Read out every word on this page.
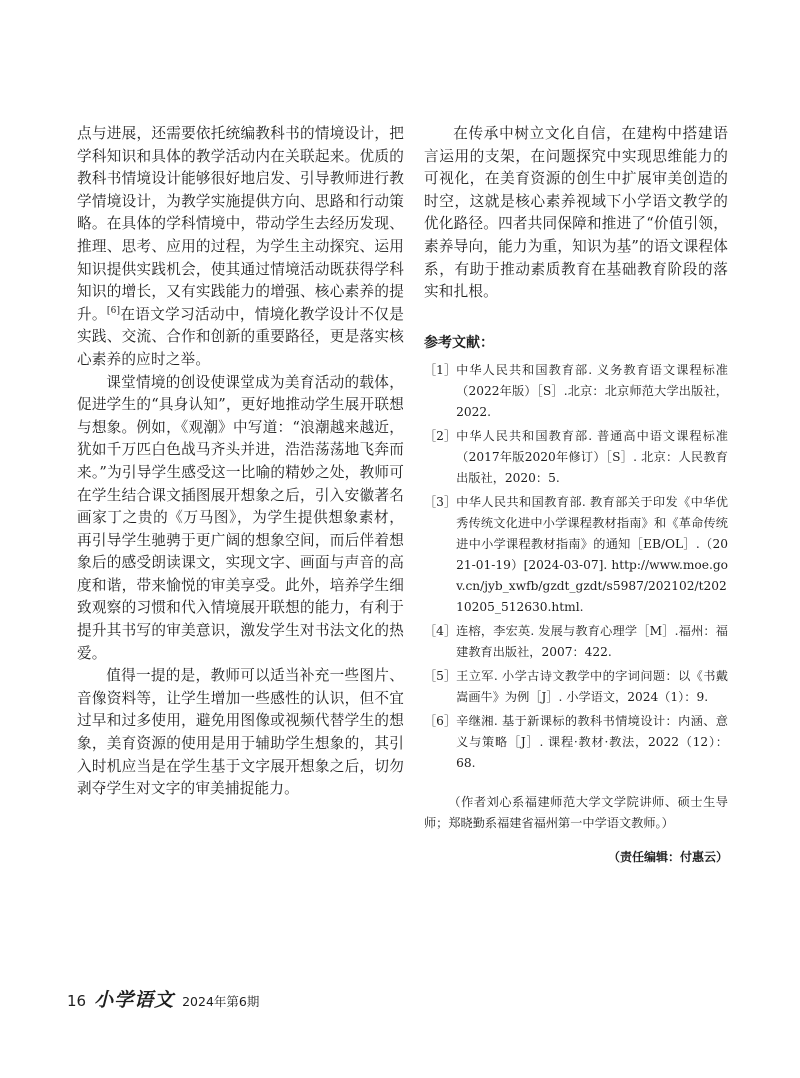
点与进展，还需要依托统编教科书的情境设计，把学科知识和具体的教学活动内在关联起来。优质的教科书情境设计能够很好地启发、引导教师进行教学情境设计，为教学实施提供方向、思路和行动策略。在具体的学科情境中，带动学生去经历发现、推理、思考、应用的过程，为学生主动探究、运用知识提供实践机会，使其通过情境活动既获得学科知识的增长，又有实践能力的增强、核心素养的提升。[6]在语文学习活动中，情境化教学设计不仅是实践、交流、合作和创新的重要路径，更是落实核心素养的应时之举。

课堂情境的创设使课堂成为美育活动的载体，促进学生的“具身认知”，更好地推动学生展开联想与想象。例如，《观潮》中写道：“浪潮越来越近，犹如千万匹白色战马齐头并进，浩浩荡荡地飞奔而来。”为引导学生感受这一比喻的精妙之处，教师可在学生结合课文插图展开想象之后，引入安徽著名画家丁之贵的《万马图》，为学生提供想象素材，再引导学生驰骋于更广阔的想象空间，而后伴着想象后的感受朗读课文，实现文字、画面与声音的高度和谐，带来愉悦的审美享受。此外，培养学生细致观察的习惯和代入情境展开联想的能力，有利于提升其书写的审美意识，激发学生对书法文化的热爱。

值得一提的是，教师可以适当补充一些图片、音像资料等，让学生增加一些感性的认识，但不宜过早和过多使用，避免用图像或视频代替学生的想象，美育资源的使用是用于辅助学生想象的，其引入时机应当是在学生基于文字展开想象之后，切勿剥夺学生对文字的审美捕捉能力。

在传承中树立文化自信，在建构中搭建语言运用的支架，在问题探究中实现思维能力的可视化，在美育资源的创生中扩展审美创造的时空，这就是核心素养视域下小学语文教学的优化路径。四者共同保障和推进了“价值引领，素养导向，能力为重，知识为基”的语文课程体系，有助于推动素质教育在基础教育阶段的落实和扎根。

参考文献：
［1］ 中华人民共和国教育部. 义务教育语文课程标准（2022年版）［S］.北京：北京师范大学出版社，2022.
［2］ 中华人民共和国教育部. 普通高中语文课程标准（2017年版2020年修订）［S］. 北京：人民教育出版社，2020：5.
［3］ 中华人民共和国教育部. 教育部关于印发《中华优秀传统文化进中小学课程教材指南》和《革命传统进中小学课程教材指南》的通知［EB/OL］.（2021-01-19）[2024-03-07]. http://www.moe.gov.cn/jyb_xwfb/gzdt_gzdt/s5987/202102/t20210205_512630.html.
［4］ 连榕，李宏英. 发展与教育心理学［M］.福州：福建教育出版社，2007：422.
［5］ 王立军. 小学古诗文教学中的字词问题：以《书戴嵩画牛》为例［J］. 小学语文，2024（1）：9.
［6］ 辛继湘. 基于新课标的教科书情境设计：内涵、意义与策略［J］. 课程·教材·教法，2022（12）：68.

（作者刘心系福建师范大学文学院讲师、硕士生导师；郑晓勤系福建省福州第一中学语文教师。）

（责任编辑：付惠云）
16 小学语文 2024年第6期
